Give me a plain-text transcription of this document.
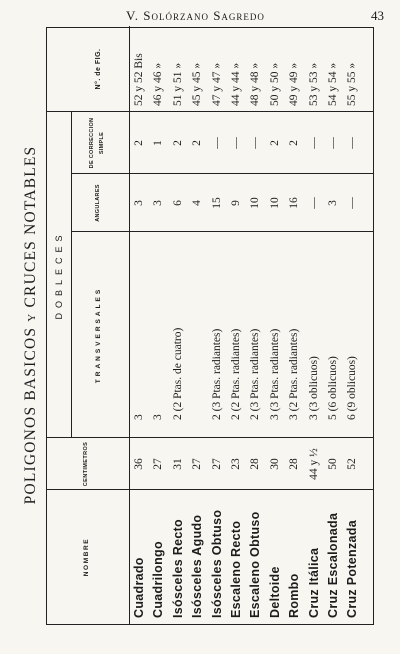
V. Solórzano Sagredo	43
POLIGONOS BASICOS y CRUCES NOTABLES
NOMBRE
CENTIMETROS
DOBLECES
TRANSVERSALES
ANGULARES
DE CORRECCION SIMPLE
N°. de FIG.
Cuadrado
36
3
3
2
52 y 52 Bis
Cuadrilongo
27
3
3
1
46 y 46 »
Isósceles Recto
31
2 (2 Ptas. de cuatro)
6
2
51 y 51 »
Isósceles Agudo
27
4
2
45 y 45 »
Isósceles Obtuso
27
2 (3 Ptas. radiantes)
15
—
47 y 47 »
Escaleno Recto
23
2 (2 Ptas. radiantes)
9
—
44 y 44 »
Escaleno Obtuso
28
2 (3 Ptas. radiantes)
10
—
48 y 48 »
Deltoide
30
3 (3 Ptas. radiantes)
10
2
50 y 50 »
Rombo
28
3 (2 Ptas. radiantes)
16
2
49 y 49 »
Cruz Itálica
44 y ½
3 (3 oblicuos)
—
—
53 y 53 »
Cruz Escalonada
50
5 (6 oblicuos)
3
—
54 y 54 »
Cruz Potenzada
52
6 (9 oblicuos)
—
—
55 y 55 »
